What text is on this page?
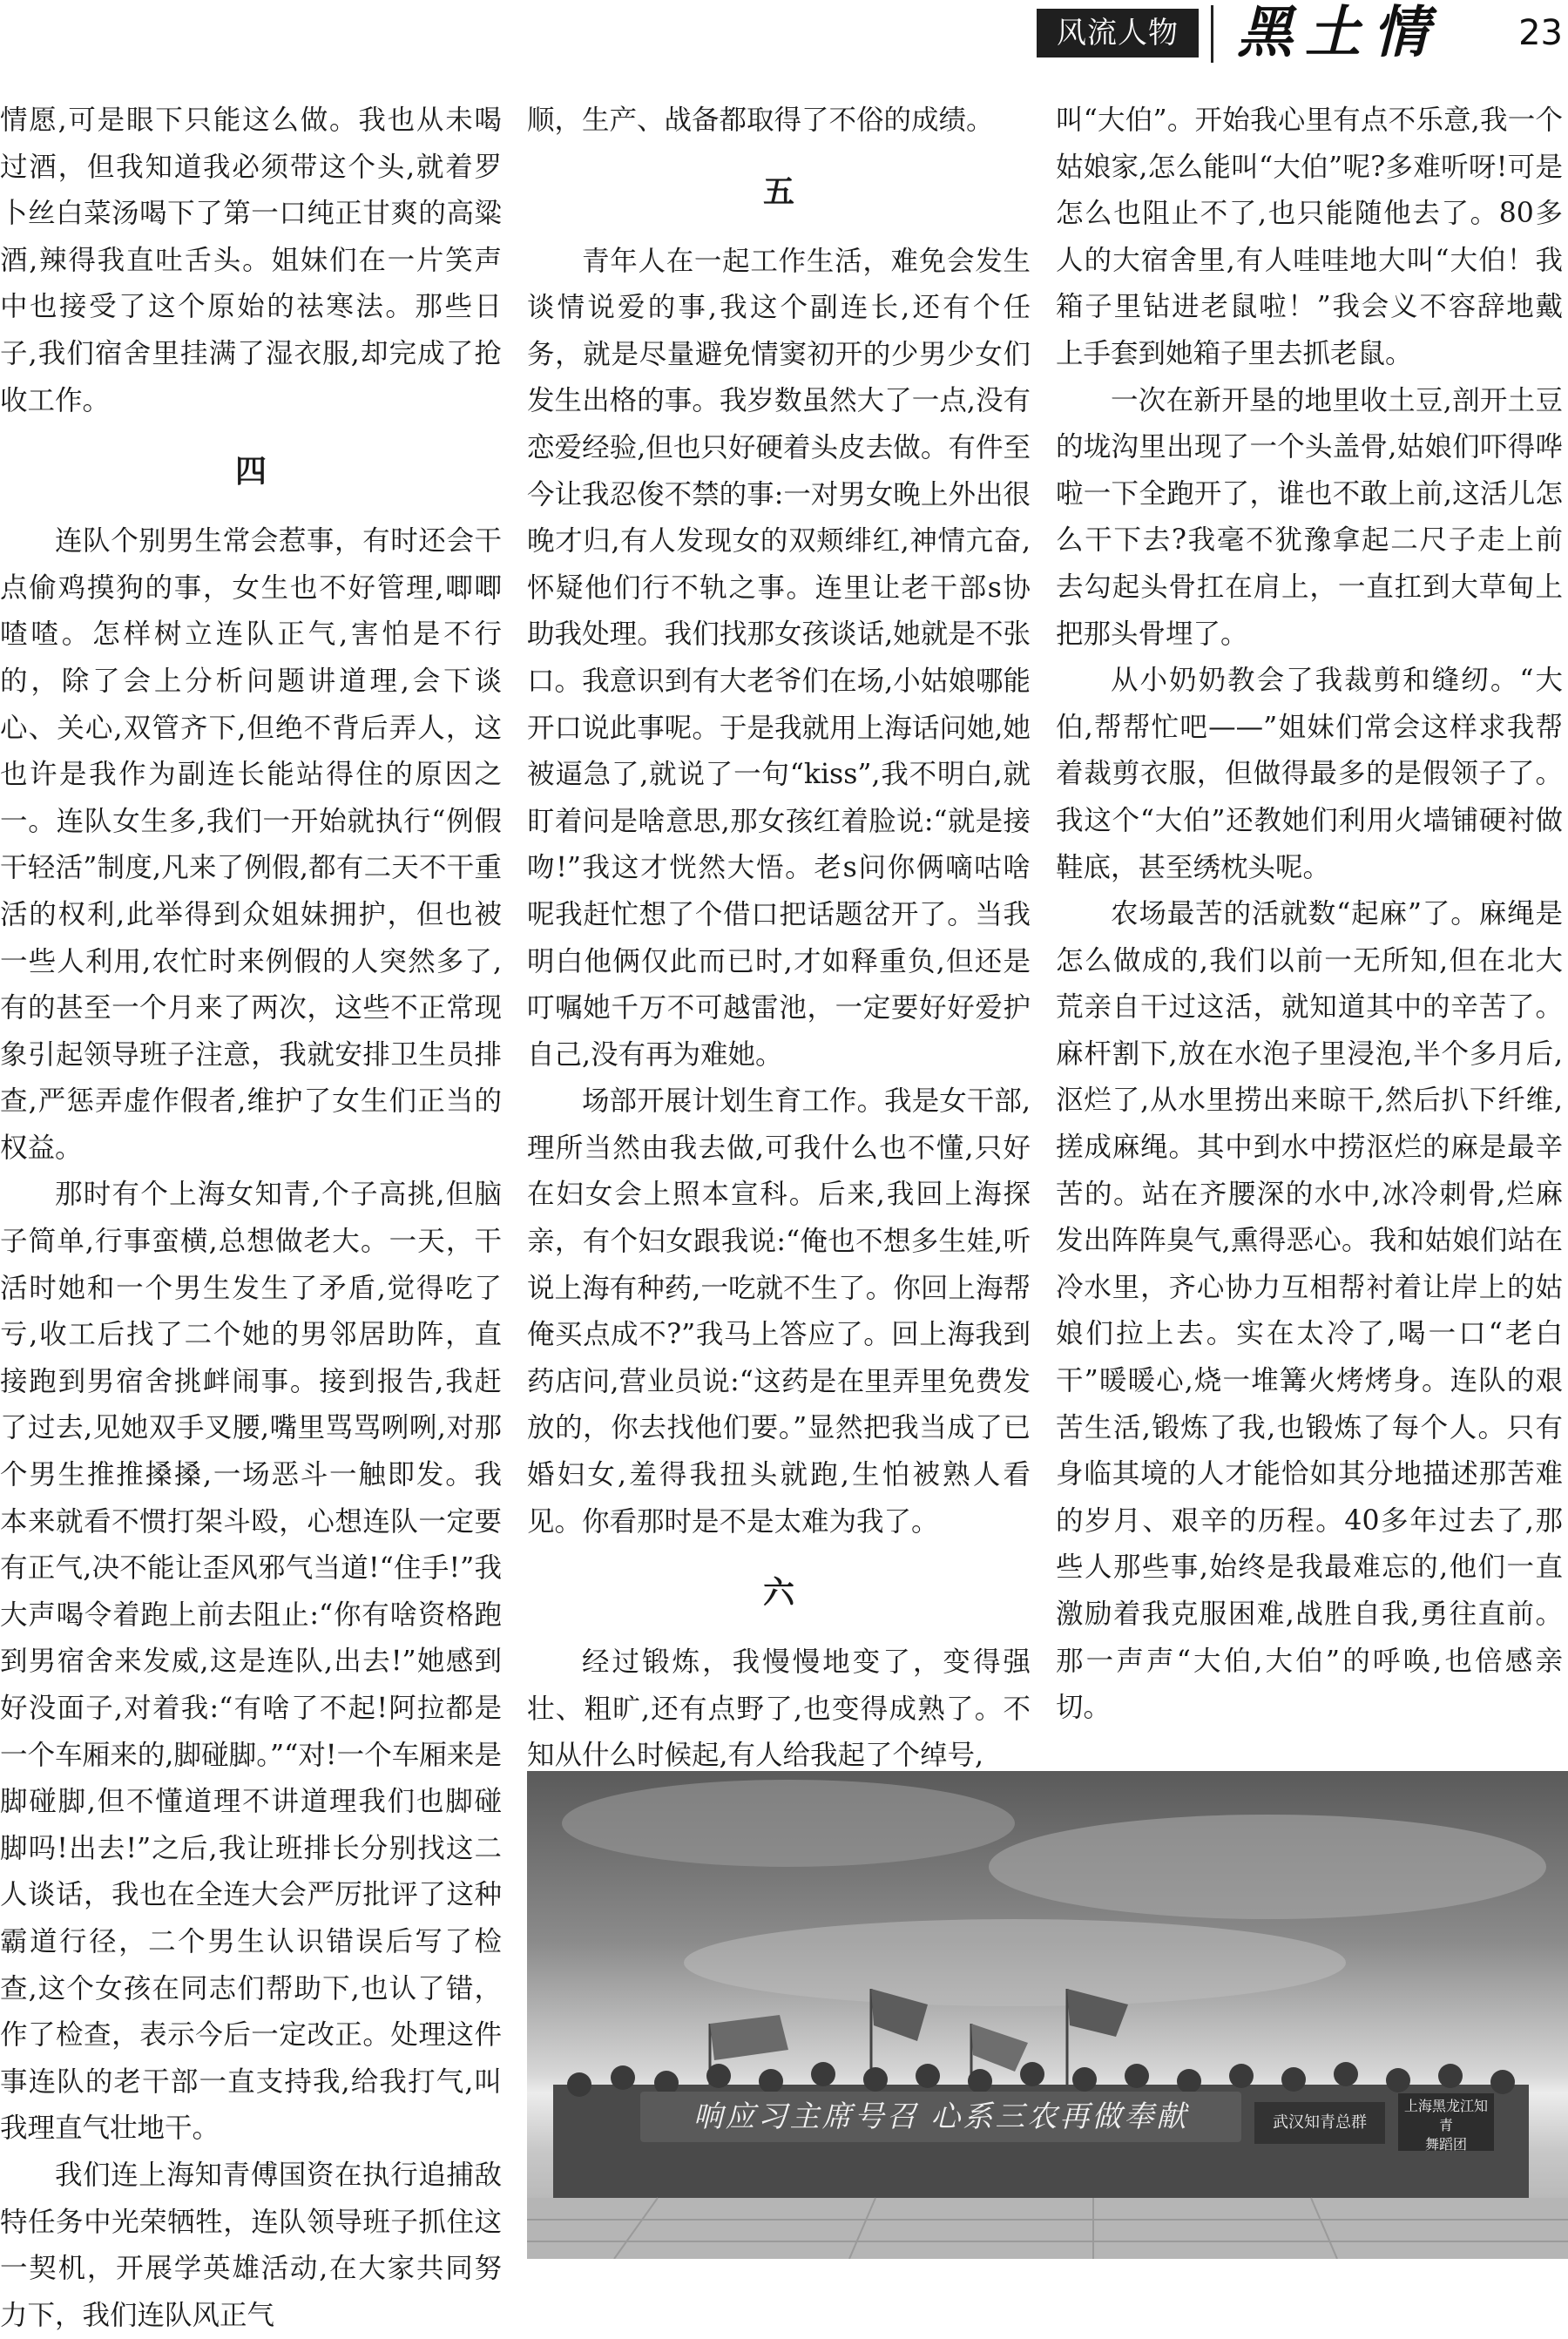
风流人物	黑土情	23

情愿,可是眼下只能这么做。我也从未喝过酒，但我知道我必须带这个头,就着罗卜丝白菜汤喝下了第一口纯正甘爽的高粱酒,辣得我直吐舌头。姐妹们在一片笑声中也接受了这个原始的祛寒法。那些日子,我们宿舍里挂满了湿衣服,却完成了抢收工作。

四

连队个别男生常会惹事，有时还会干点偷鸡摸狗的事，女生也不好管理,唧唧喳喳。怎样树立连队正气,害怕是不行的，除了会上分析问题讲道理,会下谈心、关心,双管齐下,但绝不背后弄人，这也许是我作为副连长能站得住的原因之一。连队女生多,我们一开始就执行“例假干轻活”制度,凡来了例假,都有二天不干重活的权利,此举得到众姐妹拥护，但也被一些人利用,农忙时来例假的人突然多了,有的甚至一个月来了两次，这些不正常现象引起领导班子注意，我就安排卫生员排查,严惩弄虚作假者,维护了女生们正当的权益。

那时有个上海女知青,个子高挑,但脑子简单,行事蛮横,总想做老大。一天，干活时她和一个男生发生了矛盾,觉得吃了亏,收工后找了二个她的男邻居助阵，直接跑到男宿舍挑衅闹事。接到报告,我赶了过去,见她双手叉腰,嘴里骂骂咧咧,对那个男生推推搡搡,一场恶斗一触即发。我本来就看不惯打架斗殴，心想连队一定要有正气,决不能让歪风邪气当道!“住手!”我大声喝令着跑上前去阻止:“你有啥资格跑到男宿舍来发威,这是连队,出去!”她感到好没面子,对着我:“有啥了不起!阿拉都是一个车厢来的,脚碰脚。”“对!一个车厢来是脚碰脚,但不懂道理不讲道理我们也脚碰脚吗!出去!”之后,我让班排长分别找这二人谈话，我也在全连大会严厉批评了这种霸道行径，二个男生认识错误后写了检查,这个女孩在同志们帮助下,也认了错，作了检查，表示今后一定改正。处理这件事连队的老干部一直支持我,给我打气,叫我理直气壮地干。

我们连上海知青傅国资在执行追捕敌特任务中光荣牺牲，连队领导班子抓住这一契机，开展学英雄活动,在大家共同努力下，我们连队风正气

顺，生产、战备都取得了不俗的成绩。

五

青年人在一起工作生活，难免会发生谈情说爱的事,我这个副连长,还有个任务，就是尽量避免情窦初开的少男少女们发生出格的事。我岁数虽然大了一点,没有恋爱经验,但也只好硬着头皮去做。有件至今让我忍俊不禁的事:一对男女晚上外出很晚才归,有人发现女的双颊绯红,神情亢奋,怀疑他们行不轨之事。连里让老干部s协助我处理。我们找那女孩谈话,她就是不张口。我意识到有大老爷们在场,小姑娘哪能开口说此事呢。于是我就用上海话问她,她被逼急了,就说了一句“kiss”,我不明白,就盯着问是啥意思,那女孩红着脸说:“就是接吻!”我这才恍然大悟。老s问你俩嘀咕啥呢我赶忙想了个借口把话题岔开了。当我明白他俩仅此而已时,才如释重负,但还是叮嘱她千万不可越雷池，一定要好好爱护自己,没有再为难她。

场部开展计划生育工作。我是女干部,理所当然由我去做,可我什么也不懂,只好在妇女会上照本宣科。后来,我回上海探亲，有个妇女跟我说:“俺也不想多生娃,听说上海有种药,一吃就不生了。你回上海帮俺买点成不?”我马上答应了。回上海我到药店问,营业员说:“这药是在里弄里免费发放的，你去找他们要。”显然把我当成了已婚妇女,羞得我扭头就跑,生怕被熟人看见。你看那时是不是太难为我了。

六

经过锻炼，我慢慢地变了，变得强壮、粗旷,还有点野了,也变得成熟了。不知从什么时候起,有人给我起了个绰号,

叫“大伯”。开始我心里有点不乐意,我一个姑娘家,怎么能叫“大伯”呢?多难听呀!可是怎么也阻止不了,也只能随他去了。80多人的大宿舍里,有人哇哇地大叫“大伯！我箱子里钻进老鼠啦！”我会义不容辞地戴上手套到她箱子里去抓老鼠。

一次在新开垦的地里收土豆,剖开土豆的垅沟里出现了一个头盖骨,姑娘们吓得哗啦一下全跑开了，谁也不敢上前,这活儿怎么干下去?我毫不犹豫拿起二尺子走上前去勾起头骨扛在肩上，一直扛到大草甸上把那头骨埋了。

从小奶奶教会了我裁剪和缝纫。“大伯,帮帮忙吧——”姐妹们常会这样求我帮着裁剪衣服，但做得最多的是假领子了。我这个“大伯”还教她们利用火墙铺硬衬做鞋底，甚至绣枕头呢。

农场最苦的活就数“起麻”了。麻绳是怎么做成的,我们以前一无所知,但在北大荒亲自干过这活，就知道其中的辛苦了。麻杆割下,放在水泡子里浸泡,半个多月后,沤烂了,从水里捞出来晾干,然后扒下纤维,搓成麻绳。其中到水中捞沤烂的麻是最辛苦的。站在齐腰深的水中,冰冷刺骨,烂麻发出阵阵臭气,熏得恶心。我和姑娘们站在冷水里，齐心协力互相帮衬着让岸上的姑娘们拉上去。实在太冷了,喝一口“老白干”暖暖心,烧一堆篝火烤烤身。连队的艰苦生活,锻炼了我,也锻炼了每个人。只有身临其境的人才能恰如其分地描述那苦难的岁月、艰辛的历程。40多年过去了,那些人那些事,始终是我最难忘的,他们一直激励着我克服困难,战胜自我,勇往直前。那一声声“大伯,大伯”的呼唤,也倍感亲切。

响应习主席号召 心系三农再做奉献	武汉知青总群
上海黑龙江知青
舞蹈团
